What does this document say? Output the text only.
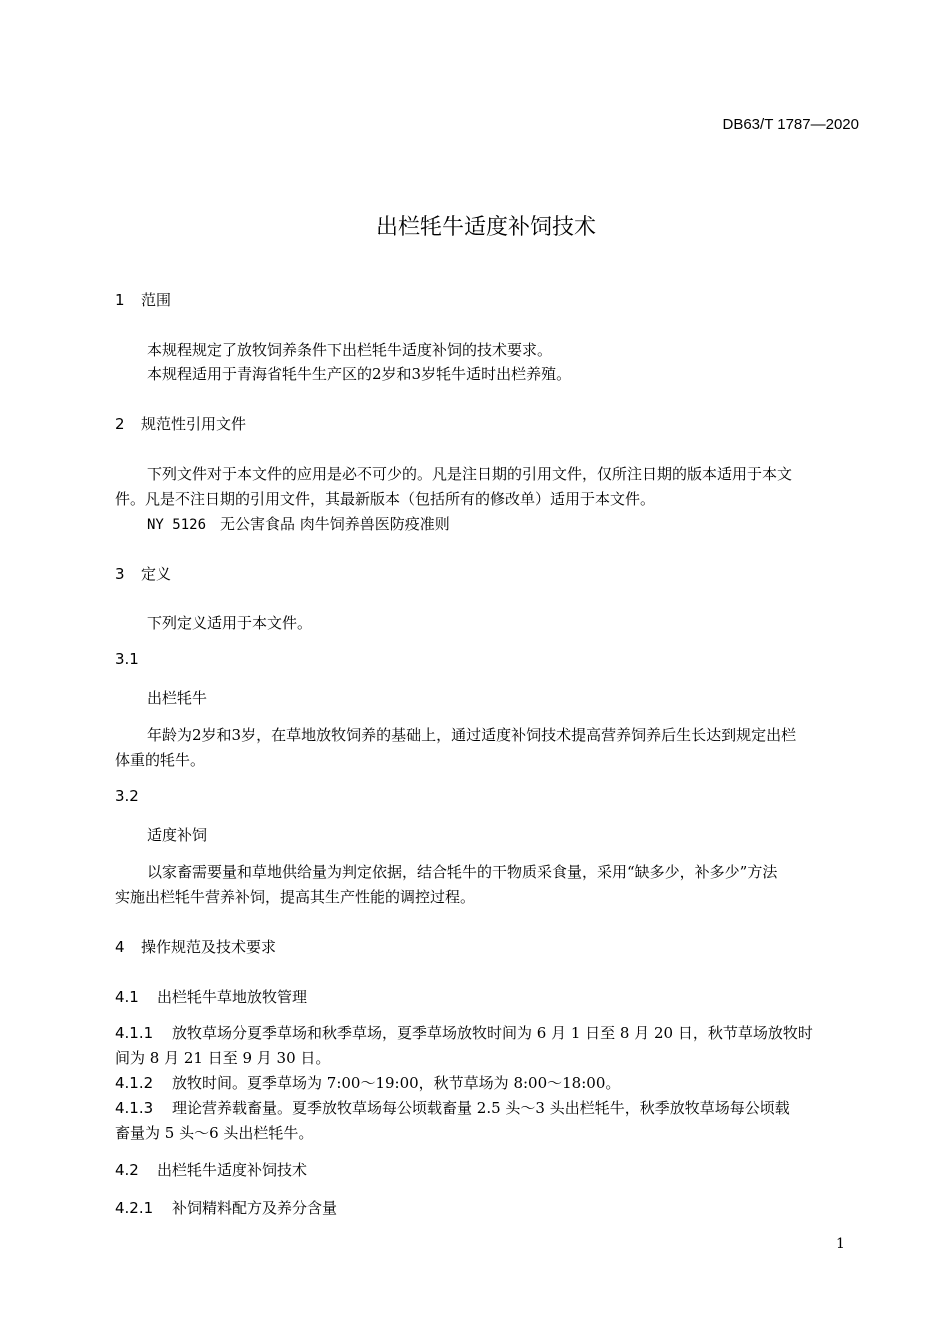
DB63/T 1787—2020
出栏牦牛适度补饲技术
1 范围
本规程规定了放牧饲养条件下出栏牦牛适度补饲的技术要求。
本规程适用于青海省牦牛生产区的2岁和3岁牦牛适时出栏养殖。
2 规范性引用文件
下列文件对于本文件的应用是必不可少的。凡是注日期的引用文件，仅所注日期的版本适用于本文
件。凡是不注日期的引用文件，其最新版本（包括所有的修改单）适用于本文件。
NY 5126 无公害食品 肉牛饲养兽医防疫准则
3 定义
下列定义适用于本文件。
3.1
出栏牦牛
年龄为2岁和3岁，在草地放牧饲养的基础上，通过适度补饲技术提高营养饲养后生长达到规定出栏
体重的牦牛。
3.2
适度补饲
以家畜需要量和草地供给量为判定依据，结合牦牛的干物质采食量，采用“缺多少，补多少”方法
实施出栏牦牛营养补饲，提高其生产性能的调控过程。
4 操作规范及技术要求
4.1 出栏牦牛草地放牧管理
4.1.1 放牧草场分夏季草场和秋季草场，夏季草场放牧时间为 6 月 1 日至 8 月 20 日，秋节草场放牧时
间为 8 月 21 日至 9 月 30 日。
4.1.2 放牧时间。夏季草场为 7:00～19:00，秋节草场为 8:00～18:00。
4.1.3 理论营养载畜量。夏季放牧草场每公顷载畜量 2.5 头～3 头出栏牦牛，秋季放牧草场每公顷载
畜量为 5 头～6 头出栏牦牛。
4.2 出栏牦牛适度补饲技术
4.2.1 补饲精料配方及养分含量
1
